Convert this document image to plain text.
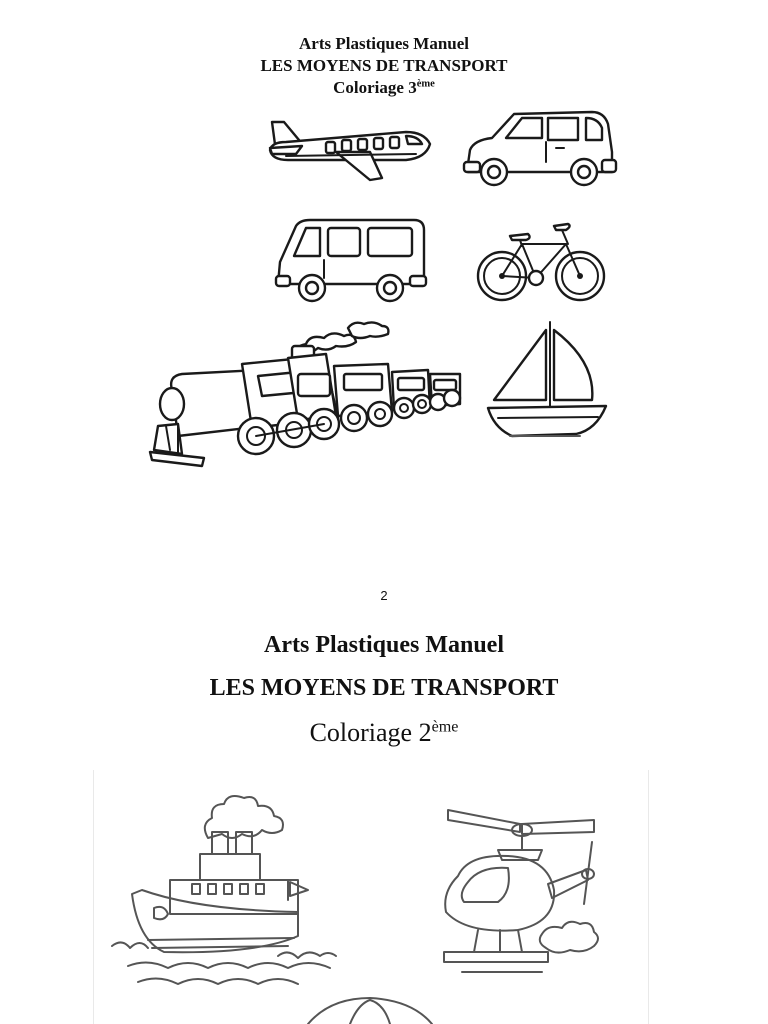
Arts Plastiques Manuel
LES MOYENS DE TRANSPORT
Coloriage 3ème
2
Arts Plastiques Manuel
LES MOYENS DE TRANSPORT
Coloriage 2ème
